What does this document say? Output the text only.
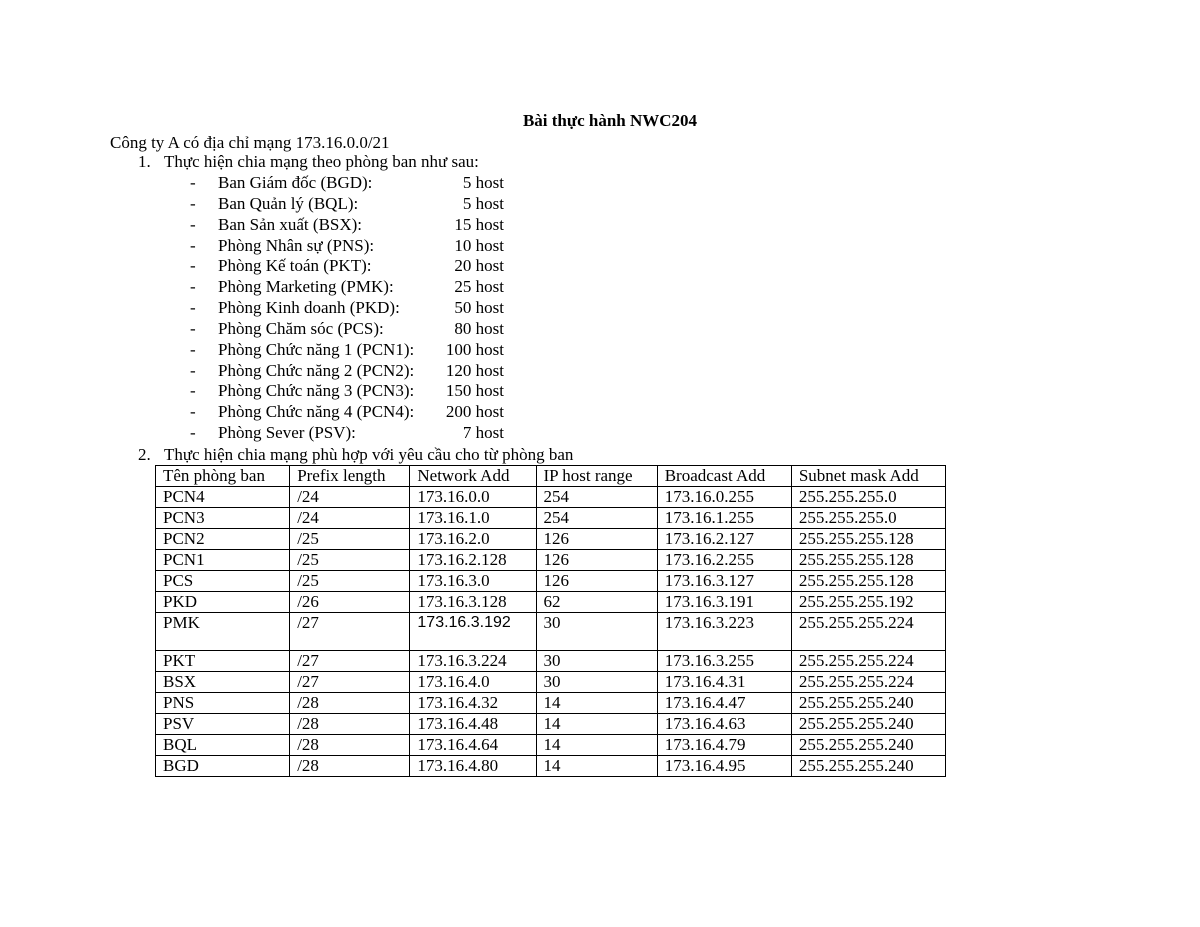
Bài thực hành NWC204
Công ty A có địa chỉ mạng 173.16.0.0/21
1. Thực hiện chia mạng theo phòng ban như sau:
- Ban Giám đốc (BGD):	5 host
- Ban Quản lý (BQL):	5 host
- Ban Sản xuất (BSX):	15 host
- Phòng Nhân sự (PNS):	10 host
- Phòng Kế toán (PKT):	20 host
- Phòng Marketing (PMK):	25 host
- Phòng Kinh doanh (PKD):	50 host
- Phòng Chăm sóc (PCS):	80 host
- Phòng Chức năng 1 (PCN1): 100 host
- Phòng Chức năng 2 (PCN2): 120 host
- Phòng Chức năng 3 (PCN3): 150 host
- Phòng Chức năng 4 (PCN4): 200 host
- Phòng Sever (PSV):	7 host
2. Thực hiện chia mạng phù hợp với yêu cầu cho từ phòng ban
Tên phòng ban	Prefix length	Network Add	IP host range	Broadcast Add	Subnet mask Add
PCN4	/24	173.16.0.0	254	173.16.0.255	255.255.255.0
PCN3	/24	173.16.1.0	254	173.16.1.255	255.255.255.0
PCN2	/25	173.16.2.0	126	173.16.2.127	255.255.255.128
PCN1	/25	173.16.2.128	126	173.16.2.255	255.255.255.128
PCS	/25	173.16.3.0	126	173.16.3.127	255.255.255.128
PKD	/26	173.16.3.128	62	173.16.3.191	255.255.255.192
PMK	/27	173.16.3.192	30	173.16.3.223	255.255.255.224
PKT	/27	173.16.3.224	30	173.16.3.255	255.255.255.224
BSX	/27	173.16.4.0	30	173.16.4.31	255.255.255.224
PNS	/28	173.16.4.32	14	173.16.4.47	255.255.255.240
PSV	/28	173.16.4.48	14	173.16.4.63	255.255.255.240
BQL	/28	173.16.4.64	14	173.16.4.79	255.255.255.240
BGD	/28	173.16.4.80	14	173.16.4.95	255.255.255.240
